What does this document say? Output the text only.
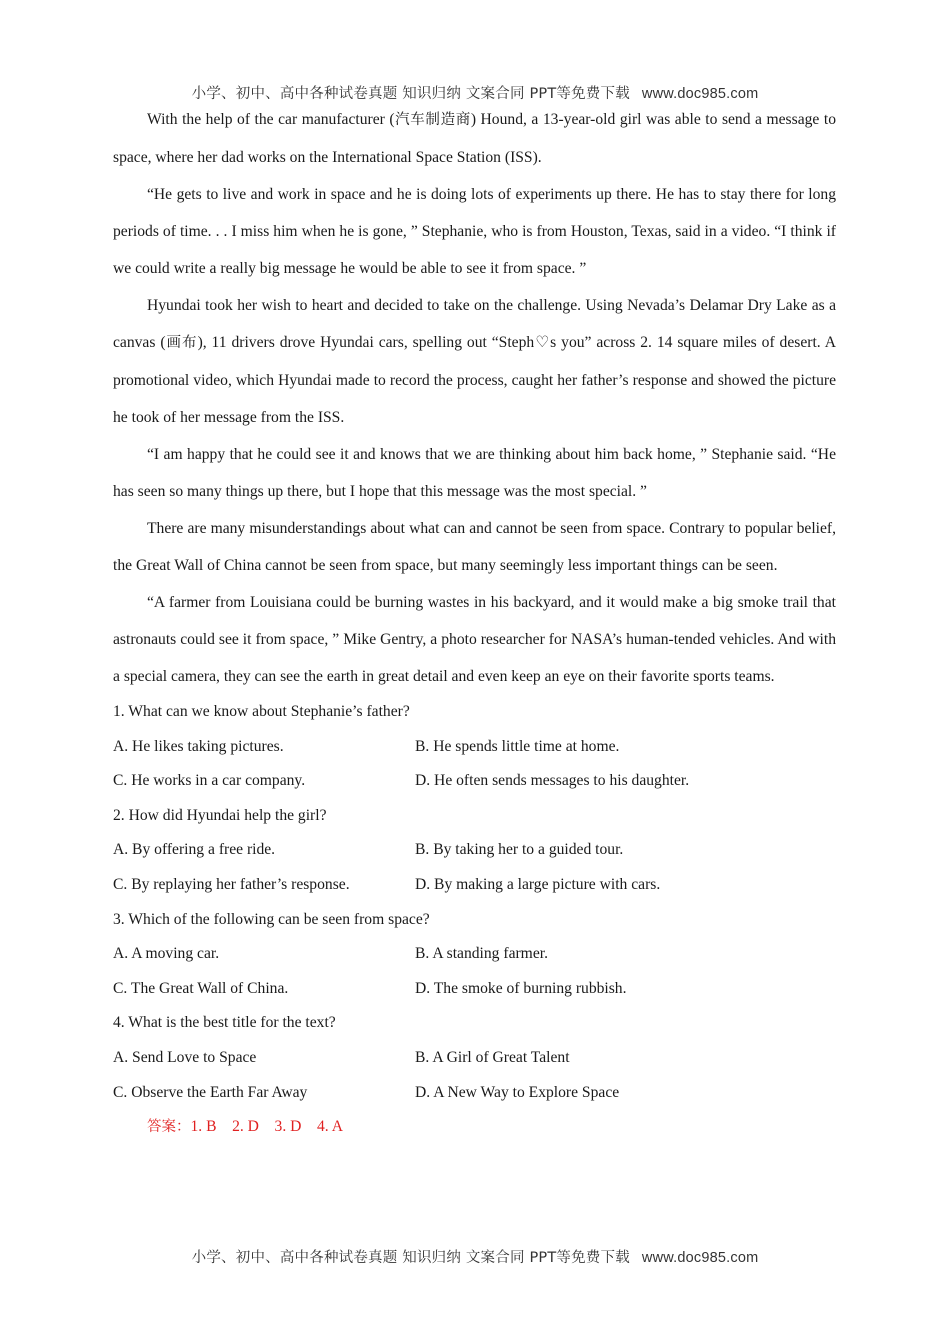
小学、初中、高中各种试卷真题 知识归纳 文案合同 PPT等免费下载 www.doc985.com

With the help of the car manufacturer (汽车制造商) Hound, a 13-year-old girl was able to send a message to space, where her dad works on the International Space Station (ISS).

“He gets to live and work in space and he is doing lots of experiments up there. He has to stay there for long periods of time. . . I miss him when he is gone, ” Stephanie, who is from Houston, Texas, said in a video. “I think if we could write a really big message he would be able to see it from space. ”

Hyundai took her wish to heart and decided to take on the challenge. Using Nevada’s Delamar Dry Lake as a canvas (画布), 11 drivers drove Hyundai cars, spelling out “Steph♡s you” across 2. 14 square miles of desert. A promotional video, which Hyundai made to record the process, caught her father’s response and showed the picture he took of her message from the ISS.

“I am happy that he could see it and knows that we are thinking about him back home, ” Stephanie said. “He has seen so many things up there, but I hope that this message was the most special. ”

There are many misunderstandings about what can and cannot be seen from space. Contrary to popular belief, the Great Wall of China cannot be seen from space, but many seemingly less important things can be seen.

“A farmer from Louisiana could be burning wastes in his backyard, and it would make a big smoke trail that astronauts could see it from space, ” Mike Gentry, a photo researcher for NASA’s human-tended vehicles. And with a special camera, they can see the earth in great detail and even keep an eye on their favorite sports teams.

1. What can we know about Stephanie’s father?

A. He likes taking pictures.	B. He spends little time at home.
C. He works in a car company.	D. He often sends messages to his daughter.

2. How did Hyundai help the girl?

A. By offering a free ride.	B. By taking her to a guided tour.
C. By replaying her father’s response.	D. By making a large picture with cars.

3. Which of the following can be seen from space?

A. A moving car.	B. A standing farmer.
C. The Great Wall of China.	D. The smoke of burning rubbish.

4. What is the best title for the text?

A. Send Love to Space	B. A Girl of Great Talent
C. Observe the Earth Far Away	D. A New Way to Explore Space

答案：1. B    2. D    3. D    4. A

小学、初中、高中各种试卷真题 知识归纳 文案合同 PPT等免费下载 www.doc985.com
